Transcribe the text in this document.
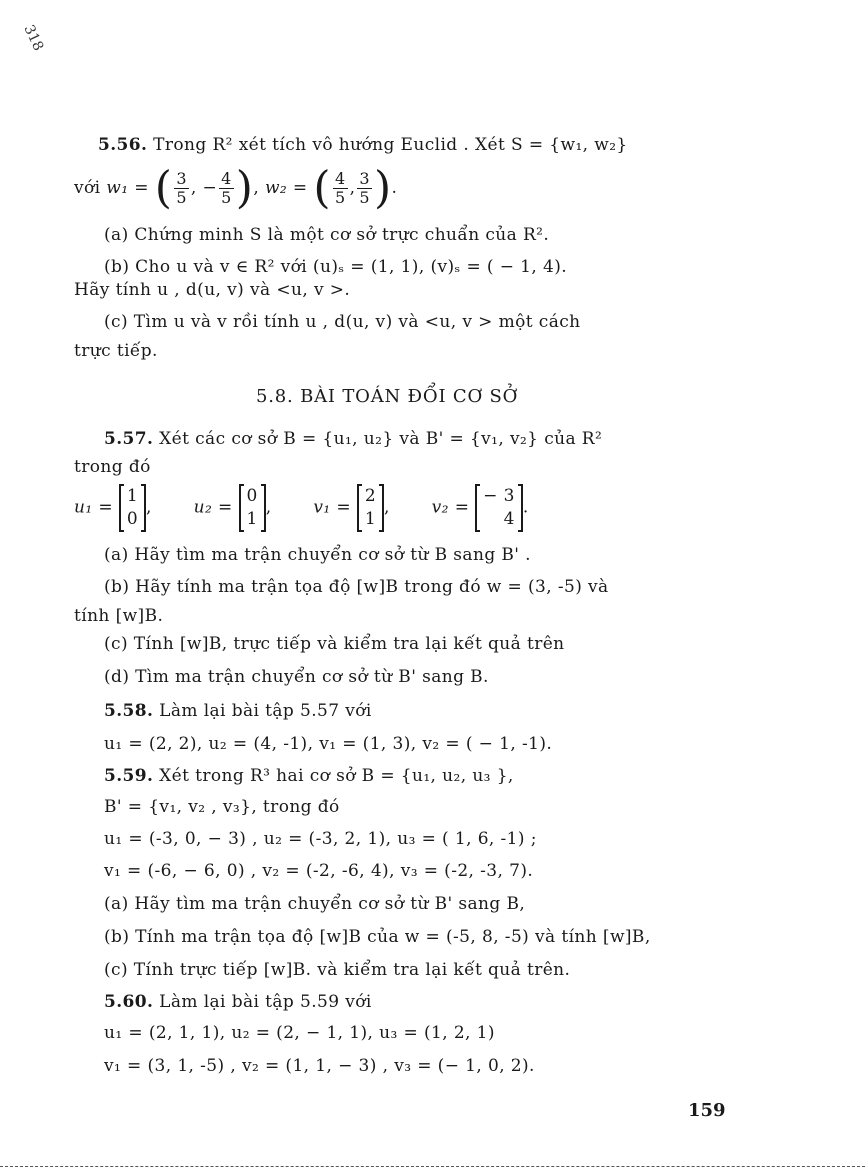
318
5.56. Trong R² xét tích vô hướng Euclid . Xét S = {w₁, w₂}
với w₁ = ( $\frac{3}{5}$ , − $\frac{4}{5}$ ), w₂ = ( $\frac{4}{5}$ , $\frac{3}{5}$ ).
(a) Chứng minh S là một cơ sở trực chuẩn của R².
(b) Cho u và v ∈ R² với (u)ₛ = (1, 1), (v)ₛ = ( − 1, 4).
Hãy tính u , d(u, v) và <u, v >.
(c) Tìm u và v rồi tính u , d(u, v) và <u, v > một cách
trực tiếp.
5.8. BÀI TOÁN ĐỔI CƠ SỞ
5.57. Xét các cơ sở B = {u₁, u₂} và B' = {v₁, v₂} của R²
trong đó
u₁ =
1
0
, u₂ =
0
1
, v₁ =
2
1
, v₂ =
− 3
4
.
(a) Hãy tìm ma trận chuyển cơ sở từ B sang B' .
(b) Hãy tính ma trận tọa độ [w]B trong đó w = (3, -5) và
tính [w]B.
(c) Tính [w]B, trực tiếp và kiểm tra lại kết quả trên
(d) Tìm ma trận chuyển cơ sở từ B' sang B.
5.58. Làm lại bài tập 5.57 với
u₁ = (2, 2), u₂ = (4, -1), v₁ = (1, 3), v₂ = ( − 1, -1).
5.59. Xét trong R³ hai cơ sở B = {u₁, u₂, u₃ },
B' = {v₁, v₂ , v₃}, trong đó
u₁ = (-3, 0, − 3) , u₂ = (-3, 2, 1), u₃ = ( 1, 6, -1) ;
v₁ = (-6, − 6, 0) , v₂ = (-2, -6, 4), v₃ = (-2, -3, 7).
(a) Hãy tìm ma trận chuyển cơ sở từ B' sang B,
(b) Tính ma trận tọa độ [w]B của w = (-5, 8, -5) và tính [w]B,
(c) Tính trực tiếp [w]B. và kiểm tra lại kết quả trên.
5.60. Làm lại bài tập 5.59 với
u₁ = (2, 1, 1), u₂ = (2, − 1, 1), u₃ = (1, 2, 1)
v₁ = (3, 1, -5) , v₂ = (1, 1, − 3) , v₃ = (− 1, 0, 2).
159
